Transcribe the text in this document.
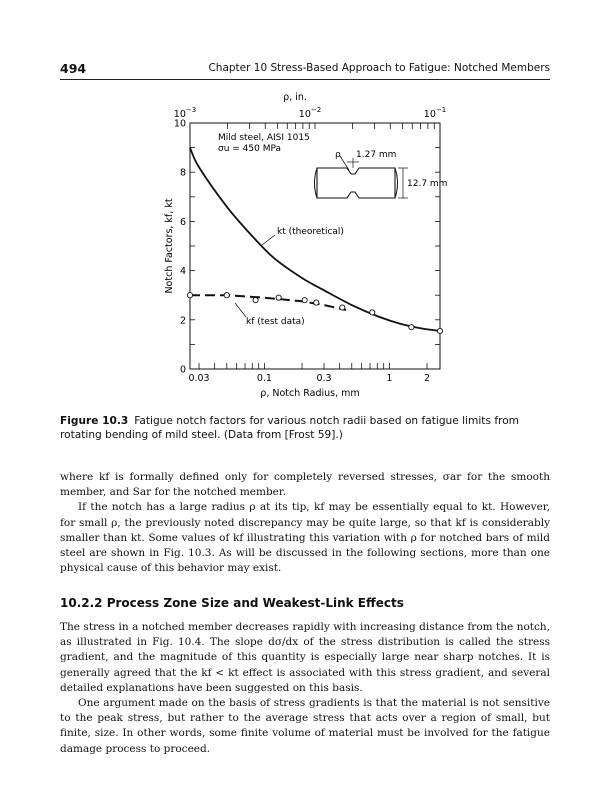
494	Chapter 10 Stress-Based Approach to Fatigue: Notched Members
ρ, in.
$10^{-3}$	$10^{-2}$	$10^{-1}$
0
2
4
6
8
10
0.03	0.1	0.3	1	2
Notch Factors, kf, kt
ρ, Notch Radius, mm
Mild steel, AISI 1015
σu = 450 MPa
ρ 1.27 mm
12.7 mm
kt (theoretical)
kf (test data)
Figure 10.3 Fatigue notch factors for various notch radii based on fatigue limits from rotating bending of mild steel. (Data from [Frost 59].)

where kf is formally defined only for completely reversed stresses, σar for the smooth member, and Sar for the notched member.

If the notch has a large radius ρ at its tip, kf may be essentially equal to kt. However, for small ρ, the previously noted discrepancy may be quite large, so that kf is considerably smaller than kt. Some values of kf illustrating this variation with ρ for notched bars of mild steel are shown in Fig. 10.3. As will be discussed in the following sections, more than one physical cause of this behavior may exist.

10.2.2 Process Zone Size and Weakest-Link Effects

The stress in a notched member decreases rapidly with increasing distance from the notch, as illustrated in Fig. 10.4. The slope dσ/dx of the stress distribution is called the stress gradient, and the magnitude of this quantity is especially large near sharp notches. It is generally agreed that the kf < kt effect is associated with this stress gradient, and several detailed explanations have been suggested on this basis.

One argument made on the basis of stress gradients is that the material is not sensitive to the peak stress, but rather to the average stress that acts over a region of small, but finite, size. In other words, some finite volume of material must be involved for the fatigue damage process to proceed.
